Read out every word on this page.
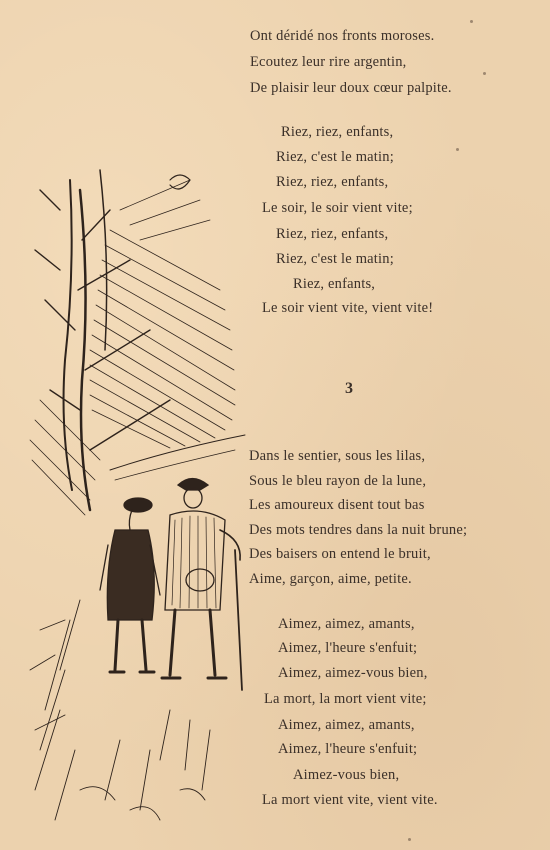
Ont déridé nos fronts moroses.
Ecoutez leur rire argentin,
De plaisir leur doux cœur palpite.
Riez, riez, enfants,
Riez, c'est le matin;
Riez, riez, enfants,
Le soir, le soir vient vite;
Riez, riez, enfants,
Riez, c'est le matin;
Riez, enfants,
Le soir vient vite, vient vite!
3
Dans le sentier, sous les lilas,
Sous le bleu rayon de la lune,
Les amoureux disent tout bas
Des mots tendres dans la nuit brune;
Des baisers on entend le bruit,
Aime, garçon, aime, petite.
Aimez, aimez, amants,
Aimez, l'heure s'enfuit;
Aimez, aimez-vous bien,
La mort, la mort vient vite;
Aimez, aimez, amants,
Aimez, l'heure s'enfuit;
Aimez-vous bien,
La mort vient vite, vient vite.
